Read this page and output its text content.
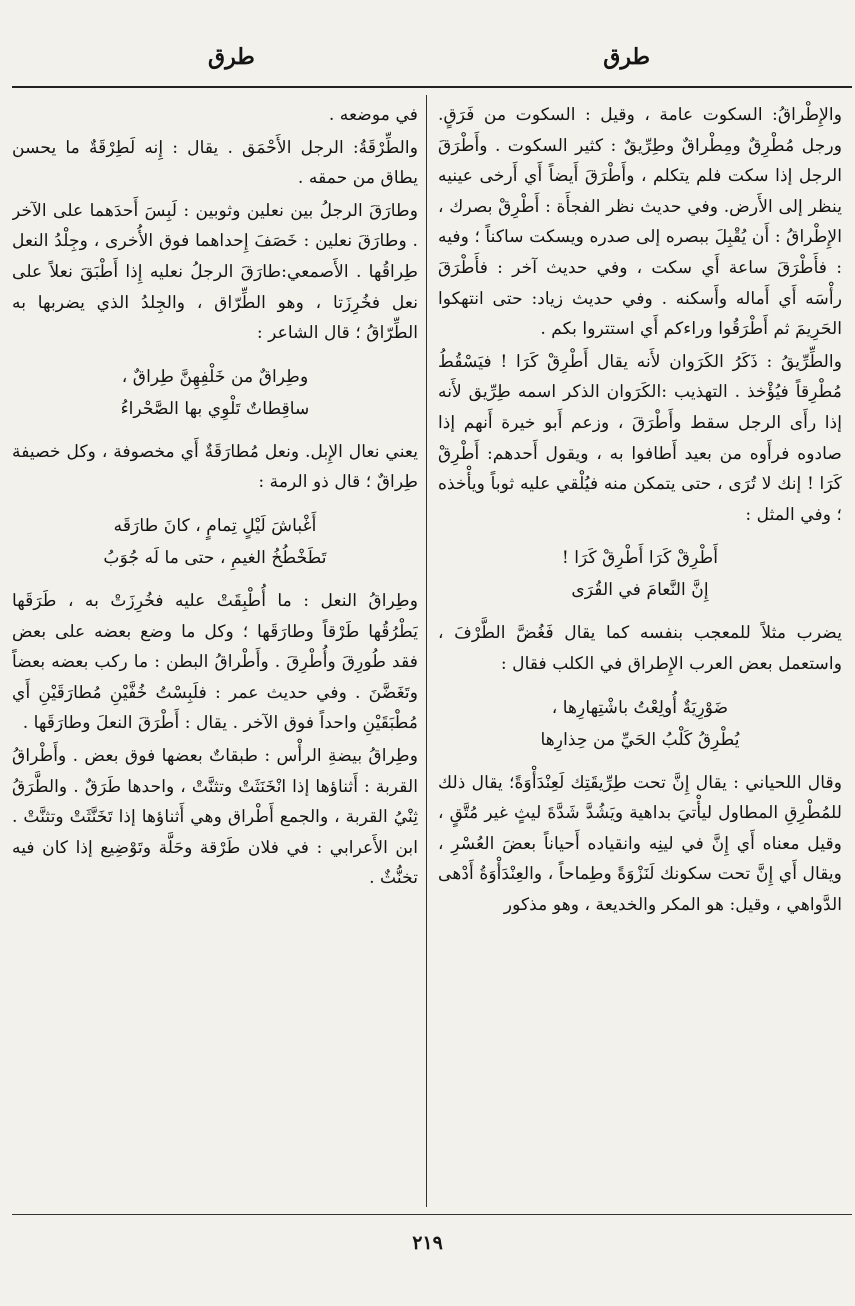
طرق	طرق

والإِطْراقُ: السكوت عامة ، وقيل : السكوت من فَرَقٍ. ورجل مُطْرِقٌ ومِطْراقٌ وطِرِّيقٌ : كثير السكوت . وأَطْرَقَ الرجل إذا سكت فلم يتكلم ، وأَطْرَقَ أَيضاً أَي أَرخى عينيه ينظر إلى الأَرض. وفي حديث نظر الفجأَة : أَطْرِقْ بصرك ، الإِطْراقُ : أَن يُقْبِلَ ببصره إلى صدره ويسكت ساكناً ؛ وفيه : فأَطْرَقَ ساعة أَي سكت ، وفي حديث آخر : فأَطْرَقَ رأْسَه أَي أَماله وأَسكنه . وفي حديث زياد: حتى انتهكوا الحَرِيمَ ثم أَطْرَقُوا وراءكم أَي استتروا بكم .

والطِّرِّيقُ : ذَكَرُ الكَرَوان لأَنه يقال أَطْرِقْ كَرَا ! فيَسْقُطُ مُطْرِقاً فيُؤْخذ . التهذيب :الكَرَوان الذكر اسمه طِرِّيق لأَنه إذا رأَى الرجل سقط وأَطْرَقَ ، وزعم أَبو خيرة أَنهم إذا صادوه فرأَوه من بعيد أَطافوا به ، ويقول أَحدهم: أَطْرِقْ كَرَا ! إنك لا تُرَى ، حتى يتمكن منه فيُلْقي عليه ثوباً ويأْخذه ؛ وفي المثل :

أَطْرِقْ كَرَا أَطْرِقْ كَرَا !
إِنَّ النَّعامَ في القُرَى

يضرب مثلاً للمعجب بنفسه كما يقال فَغُضَّ الطَّرْفَ ، واستعمل بعض العرب الإِطراق في الكلب فقال :

ضَوْرِيَةٌ أُولِعْتُ باشْتِهارِها ،
يُطْرِقُ كَلْبُ الحَيِّ من حِذارِها

وقال اللحياني : يقال إِنَّ تحت طِرِّيقَتِك لَعِنْدَأْوَةً؛ يقال ذلك للمُطْرِقِ المطاول ليأْتيَ بداهية ويَشُدَّ شَدَّةَ ليثٍ غير مُتَّقٍ ، وقيل معناه أَي إِنَّ في لينِه وانقياده أَحياناً بعضَ العُسْرِ ، ويقال أَي إِنَّ تحت سكونك لَنَزْوَةً وطِماحاً ، والعِنْدَأْوَةُ أَدْهى الدَّواهي ، وقيل: هو المكر والخديعة ، وهو مذكور

في موضعه .

والطِّرْقَةُ: الرجل الأَحْمَق . يقال : إِنه لَطِرْقَةٌ ما يحسن يطاق من حمقه .

وطارَقَ الرجلُ بين نعلين وثوبين : لَبِسَ أَحدَهما على الآخر . وطارَقَ نعلين : خَصَفَ إِحداهما فوق الأُخرى ، وجِلْدُ النعل طِراقُها . الأَصمعي:طارَقَ الرجلُ نعليه إِذا أَطْبَقَ نعلاً على نعل فخُرِزَتا ، وهو الطِّرّاق ، والجِلدُ الذي يضربها به الطِّرّاقُ ؛ قال الشاعر :

وطِراقٌ من خَلْفِهِنَّ طِراقٌ ،
ساقِطاتٌ تَلْوِي بها الصَّحْراءُ

يعني نعال الإِبل. ونعل مُطارَقَةٌ أَي مخصوفة ، وكل خصيفة طِراقٌ ؛ قال ذو الرمة :

أَغْباشَ لَيْلٍ تِمامٍ ، كانَ طارَقَه
تَطَخْطُخُ الغيمِ ، حتى ما لَه جُوَبُ

وطِراقُ النعل : ما أُطْبِقَتْ عليه فخُرِزَتْ به ، طَرَقَها يَطْرُقُها طَرْقاً وطارَقَها ؛ وكل ما وضع بعضه على بعض فقد طُورِقَ وأُطْرِقَ . وأَطْراقُ البطن : ما ركب بعضه بعضاً وتَغَضَّنَ . وفي حديث عمر : فلَبِسْتُ خُفَّيْنِ مُطارَقَيْنِ أَي مُطْبَقَيْنِ واحداً فوق الآخر . يقال : أَطْرَقَ النعلَ وطارَقَها .

وطِراقُ بيضةِ الرأْس : طبقاتٌ بعضها فوق بعض . وأَطْراقُ القربة : أَثناؤها إذا انْخَنَثَتْ وتثنَّتْ ، واحدها طَرَقٌ . والطَّرَقُ ثِنْيُ القربة ، والجمع أَطْراق وهي أَثناؤها إذا تَخَنَّثَتْ وتثنَّتْ . ابن الأَعرابي : في فلان طَرْقة وحَلَّة وتَوْضِيع إذا كان فيه تخنُّثٌ .

٢١٩
